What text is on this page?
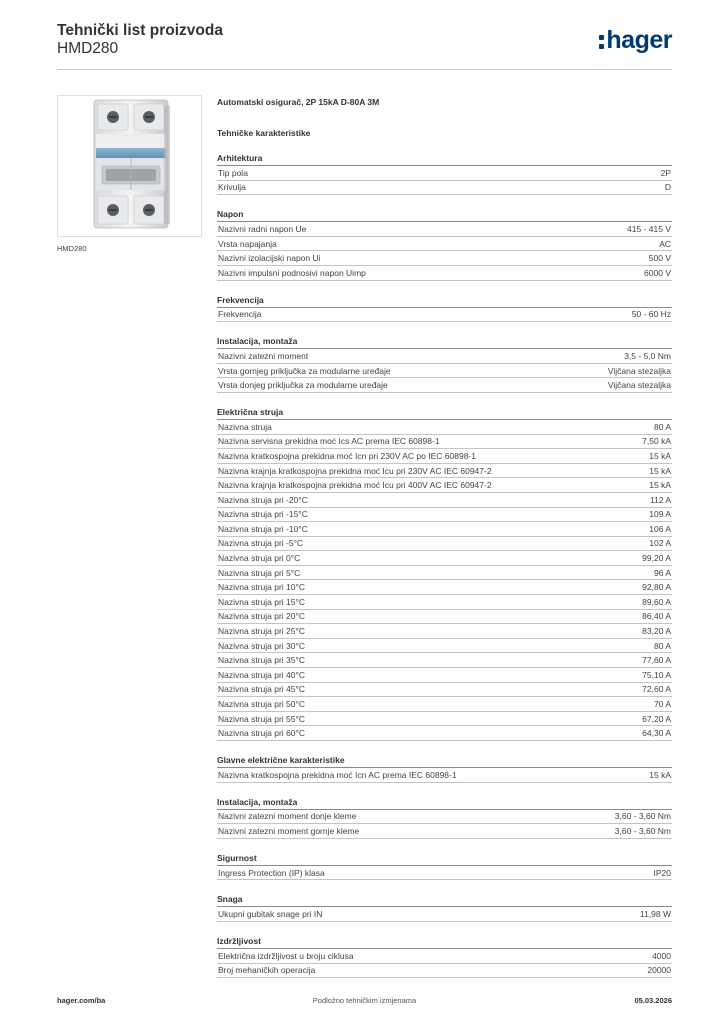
Tehnički list proizvoda
HMD280	hager
HMD280
Automatski osigurač, 2P 15kA D-80A 3M
Tehničke karakteristike
Arhitektura
Tip pola	2P
Krivulja	D
Napon
Nazivni radni napon Ue	415 - 415 V
Vrsta napajanja	AC
Nazivni izolacijski napon Ui	500 V
Nazivni impulsni podnosivi napon Uimp	6000 V
Frekvencija
Frekvencija	50 - 60 Hz
Instalacija, montaža
Nazivni zatezni moment	3,5 - 5,0 Nm
Vrsta gornjeg priključka za modularne uređaje	Vijčana stezaljka
Vrsta donjeg priključka za modularne uređaje	Vijčana stezaljka
Električna struja
Nazivna struja	80 A
Nazivna servisna prekidna moć Ics AC prema IEC 60898-1	7,50 kA
Nazivna kratkospojna prekidna moć Icn pri 230V AC po IEC 60898-1	15 kA
Nazivna krajnja kratkospojna prekidna moć Icu pri 230V AC IEC 60947-2	15 kA
Nazivna krajnja kratkospojna prekidna moć Icu pri 400V AC IEC 60947-2	15 kA
Nazivna struja pri -20°C	112 A
Nazivna struja pri -15°C	109 A
Nazivna struja pri -10°C	106 A
Nazivna struja pri -5°C	102 A
Nazivna struja pri 0°C	99,20 A
Nazivna struja pri 5°C	96 A
Nazivna struja pri 10°C	92,80 A
Nazivna struja pri 15°C	89,60 A
Nazivna struja pri 20°C	86,40 A
Nazivna struja pri 25°C	83,20 A
Nazivna struja pri 30°C	80 A
Nazivna struja pri 35°C	77,60 A
Nazivna struja pri 40°C	75,10 A
Nazivna struja pri 45°C	72,60 A
Nazivna struja pri 50°C	70 A
Nazivna struja pri 55°C	67,20 A
Nazivna struja pri 60°C	64,30 A
Glavne električne karakteristike
Nazivna kratkospojna prekidna moć Icn AC prema IEC 60898-1	15 kA
Instalacija, montaža
Nazivni zatezni moment donje kleme	3,60 - 3,60 Nm
Nazivni zatezni moment gornje kleme	3,60 - 3,60 Nm
Sigurnost
Ingress Protection (IP) klasa	IP20
Snaga
Ukupni gubitak snage pri IN	11,98 W
Izdržljivost
Električna izdržljivost u broju ciklusa	4000
Broj mehaničkih operacija	20000
hager.com/ba	Podložno tehničkim izmjenama	05.03.2026
